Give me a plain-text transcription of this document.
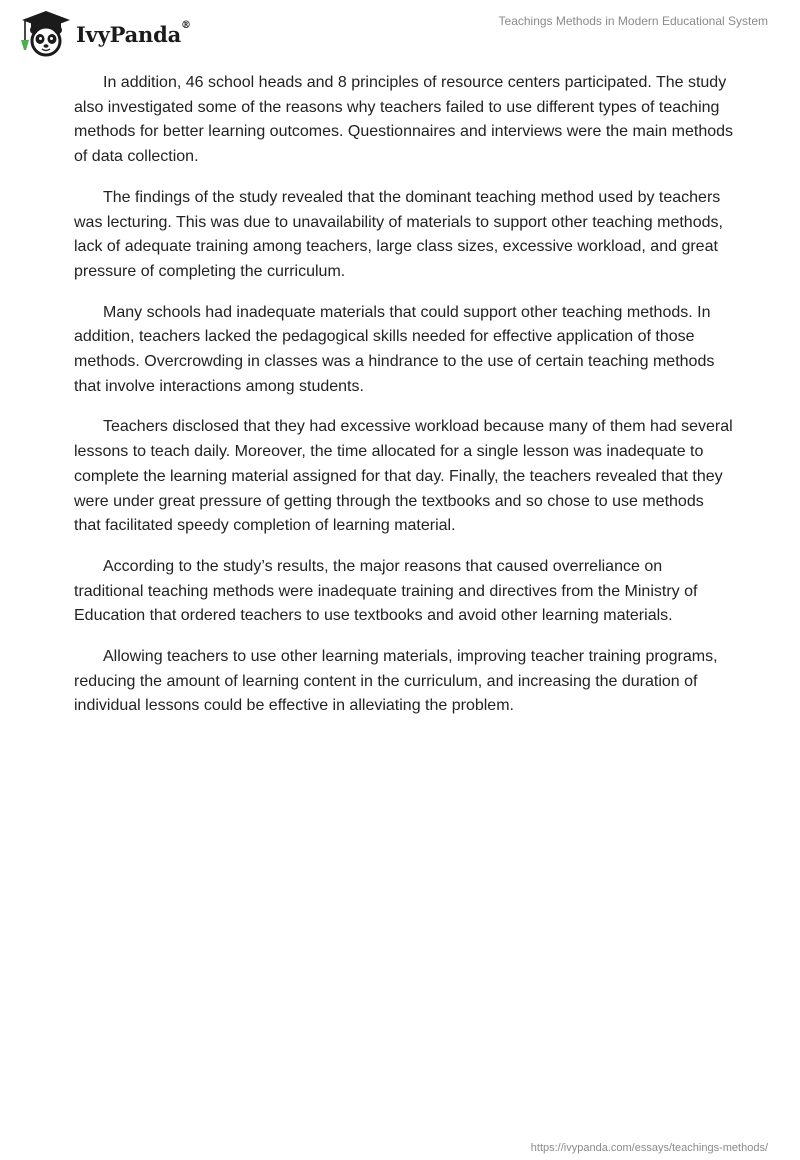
IvyPanda®	Teachings Methods in Modern Educational System

In addition, 46 school heads and 8 principles of resource centers participated. The study also investigated some of the reasons why teachers failed to use different types of teaching methods for better learning outcomes. Questionnaires and interviews were the main methods of data collection.

The findings of the study revealed that the dominant teaching method used by teachers was lecturing. This was due to unavailability of materials to support other teaching methods, lack of adequate training among teachers, large class sizes, excessive workload, and great pressure of completing the curriculum.

Many schools had inadequate materials that could support other teaching methods. In addition, teachers lacked the pedagogical skills needed for effective application of those methods. Overcrowding in classes was a hindrance to the use of certain teaching methods that involve interactions among students.

Teachers disclosed that they had excessive workload because many of them had several lessons to teach daily. Moreover, the time allocated for a single lesson was inadequate to complete the learning material assigned for that day. Finally, the teachers revealed that they were under great pressure of getting through the textbooks and so chose to use methods that facilitated speedy completion of learning material.

According to the study’s results, the major reasons that caused overreliance on traditional teaching methods were inadequate training and directives from the Ministry of Education that ordered teachers to use textbooks and avoid other learning materials.

Allowing teachers to use other learning materials, improving teacher training programs, reducing the amount of learning content in the curriculum, and increasing the duration of individual lessons could be effective in alleviating the problem.

https://ivypanda.com/essays/teachings-methods/
